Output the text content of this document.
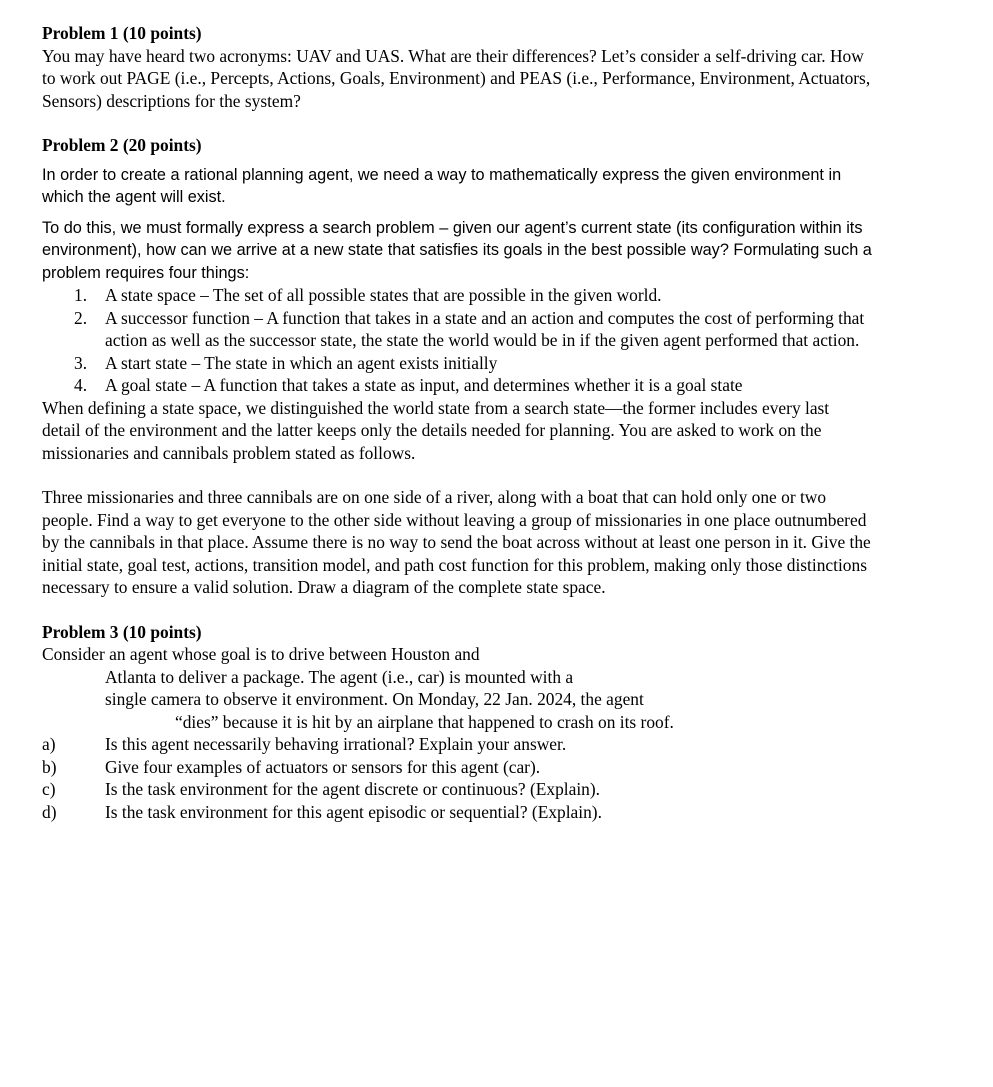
Problem 1 (10 points)

You may have heard two acronyms: UAV and UAS. What are their differences? Let’s consider a self-driving car. How to work out PAGE (i.e., Percepts, Actions, Goals, Environment) and PEAS (i.e., Performance, Environment, Actuators, Sensors) descriptions for the system?

Problem 2 (20 points)

In order to create a rational planning agent, we need a way to mathematically express the given environment in which the agent will exist.

To do this, we must formally express a search problem – given our agent’s current state (its configuration within its environment), how can we arrive at a new state that satisfies its goals in the best possible way? Formulating such a problem requires four things:

1. A state space – The set of all possible states that are possible in the given world.
2. A successor function – A function that takes in a state and an action and computes the cost of performing that action as well as the successor state, the state the world would be in if the given agent performed that action.
3. A start state – The state in which an agent exists initially
4. A goal state – A function that takes a state as input, and determines whether it is a goal state

When defining a state space, we distinguished the world state from a search state—the former includes every last detail of the environment and the latter keeps only the details needed for planning. You are asked to work on the missionaries and cannibals problem stated as follows.

Three missionaries and three cannibals are on one side of a river, along with a boat that can hold only one or two people. Find a way to get everyone to the other side without leaving a group of missionaries in one place outnumbered by the cannibals in that place. Assume there is no way to send the boat across without at least one person in it. Give the initial state, goal test, actions, transition model, and path cost function for this problem, making only those distinctions necessary to ensure a valid solution. Draw a diagram of the complete state space.

Problem 3 (10 points)

Consider an agent whose goal is to drive between Houston and

Atlanta to deliver a package. The agent (i.e., car) is mounted with a

single camera to observe it environment. On Monday, 22 Jan. 2024, the agent

“dies” because it is hit by an airplane that happened to crash on its roof.

a)	Is this agent necessarily behaving irrational? Explain your answer.
b)	Give four examples of actuators or sensors for this agent (car).
c)	Is the task environment for the agent discrete or continuous? (Explain).
d)	Is the task environment for this agent episodic or sequential? (Explain).
